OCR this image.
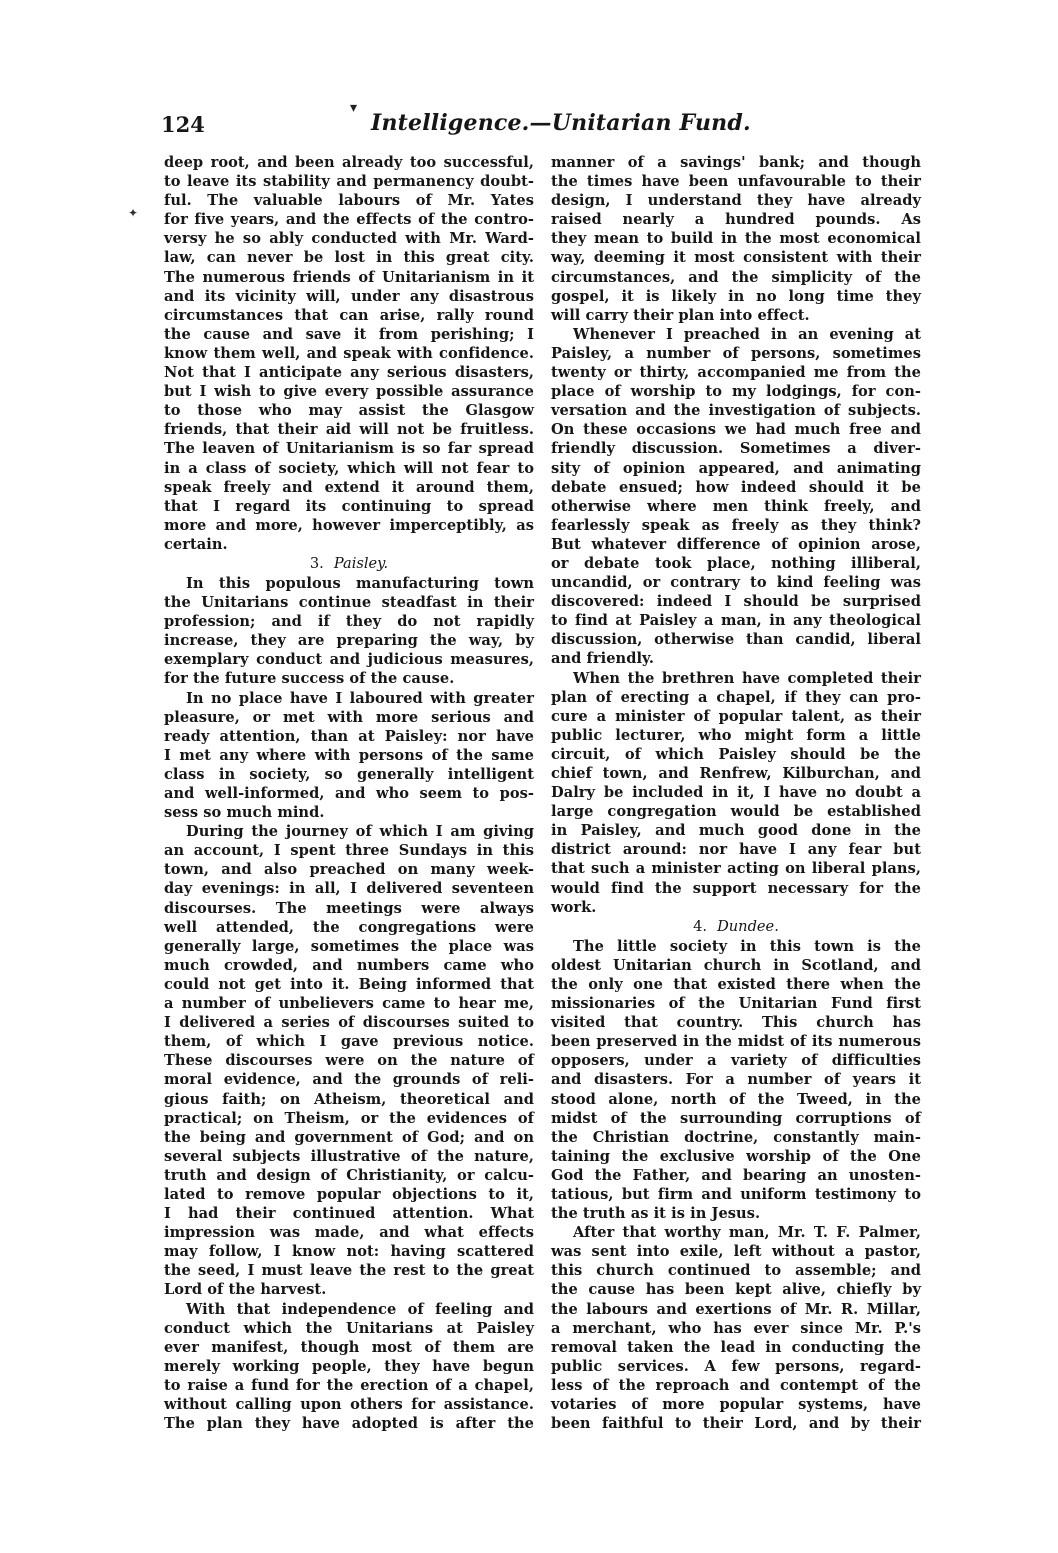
124
▾
Intelligence.—Unitarian Fund.
deep root, and been already too successful,
to leave its stability and permanency doubt-
ful. The valuable labours of Mr. Yates
for five years, and the effects of the contro-
versy he so ably conducted with Mr. Ward-
law, can never be lost in this great city.
The numerous friends of Unitarianism in it
and its vicinity will, under any disastrous
circumstances that can arise, rally round
the cause and save it from perishing; I
know them well, and speak with confidence.
Not that I anticipate any serious disasters,
but I wish to give every possible assurance
to those who may assist the Glasgow
friends, that their aid will not be fruitless.
The leaven of Unitarianism is so far spread
in a class of society, which will not fear to
speak freely and extend it around them,
that I regard its continuing to spread
more and more, however imperceptibly, as
certain.
3. Paisley.
In this populous manufacturing town
the Unitarians continue steadfast in their
profession; and if they do not rapidly
increase, they are preparing the way, by
exemplary conduct and judicious measures,
for the future success of the cause.
In no place have I laboured with greater
pleasure, or met with more serious and
ready attention, than at Paisley: nor have
I met any where with persons of the same
class in society, so generally intelligent
and well-informed, and who seem to pos-
sess so much mind.
During the journey of which I am giving
an account, I spent three Sundays in this
town, and also preached on many week-
day evenings: in all, I delivered seventeen
discourses. The meetings were always
well attended, the congregations were
generally large, sometimes the place was
much crowded, and numbers came who
could not get into it. Being informed that
a number of unbelievers came to hear me,
I delivered a series of discourses suited to
them, of which I gave previous notice.
These discourses were on the nature of
moral evidence, and the grounds of reli-
gious faith; on Atheism, theoretical and
practical; on Theism, or the evidences of
the being and government of God; and on
several subjects illustrative of the nature,
truth and design of Christianity, or calcu-
lated to remove popular objections to it,
I had their continued attention. What
impression was made, and what effects
may follow, I know not: having scattered
the seed, I must leave the rest to the great
Lord of the harvest.
With that independence of feeling and
conduct which the Unitarians at Paisley
ever manifest, though most of them are
merely working people, they have begun
to raise a fund for the erection of a chapel,
without calling upon others for assistance.
The plan they have adopted is after the
manner of a savings' bank; and though
the times have been unfavourable to their
design, I understand they have already
raised nearly a hundred pounds. As
they mean to build in the most economical
way, deeming it most consistent with their
circumstances, and the simplicity of the
gospel, it is likely in no long time they
will carry their plan into effect.
Whenever I preached in an evening at
Paisley, a number of persons, sometimes
twenty or thirty, accompanied me from the
place of worship to my lodgings, for con-
versation and the investigation of subjects.
On these occasions we had much free and
friendly discussion. Sometimes a diver-
sity of opinion appeared, and animating
debate ensued; how indeed should it be
otherwise where men think freely, and
fearlessly speak as freely as they think?
But whatever difference of opinion arose,
or debate took place, nothing illiberal,
uncandid, or contrary to kind feeling was
discovered: indeed I should be surprised
to find at Paisley a man, in any theological
discussion, otherwise than candid, liberal
and friendly.
When the brethren have completed their
plan of erecting a chapel, if they can pro-
cure a minister of popular talent, as their
public lecturer, who might form a little
circuit, of which Paisley should be the
chief town, and Renfrew, Kilburchan, and
Dalry be included in it, I have no doubt a
large congregation would be established
in Paisley, and much good done in the
district around: nor have I any fear but
that such a minister acting on liberal plans,
would find the support necessary for the
work.
4. Dundee.
The little society in this town is the
oldest Unitarian church in Scotland, and
the only one that existed there when the
missionaries of the Unitarian Fund first
visited that country. This church has
been preserved in the midst of its numerous
opposers, under a variety of difficulties
and disasters. For a number of years it
stood alone, north of the Tweed, in the
midst of the surrounding corruptions of
the Christian doctrine, constantly main-
taining the exclusive worship of the One
God the Father, and bearing an unosten-
tatious, but firm and uniform testimony to
the truth as it is in Jesus.
After that worthy man, Mr. T. F. Palmer,
was sent into exile, left without a pastor,
this church continued to assemble; and
the cause has been kept alive, chiefly by
the labours and exertions of Mr. R. Millar,
a merchant, who has ever since Mr. P.'s
removal taken the lead in conducting the
public services. A few persons, regard-
less of the reproach and contempt of the
votaries of more popular systems, have
been faithful to their Lord, and by their
✦
